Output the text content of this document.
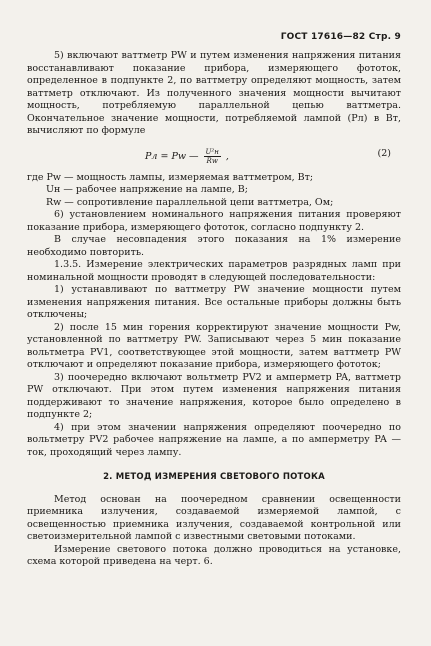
ГОСТ 17616—82 Стр. 9

5) включают ваттметр PW и путем изменения напряжения питания восстанавливают показание прибора, измеряющего фототок, определенное в подпункте 2, по ваттметру определяют мощность, затем ваттметр отключают. Из полученного значения мощности вычитают мощность, потребляемую параллельной цепью ваттметра. Окончательное значение мощности, потребляемой лампой (Pл) в Вт, вычисляют по формуле

Pл = Pw — $\frac{\text{U²н}}{Rw}$ ,	(2)

где Pw — мощность лампы, измеряемая ваттметром, Вт;

Uн — рабочее напряжение на лампе, В;

Rw — сопротивление параллельной цепи ваттметра, Ом;

6) установлением номинального напряжения питания проверяют показание прибора, измеряющего фототок, согласно подпункту 2.

В случае несовпадения этого показания на 1% измерение необходимо повторить.

1.3.5. Измерение электрических параметров разрядных ламп при номинальной мощности проводят в следующей последовательности:

1) устанавливают по ваттметру PW значение мощности путем изменения напряжения питания. Все остальные приборы должны быть отключены;

2) после 15 мин горения корректируют значение мощности Pw, установленной по ваттметру PW. Записывают через 5 мин показание вольтметра PV1, соответствующее этой мощности, затем ваттметр PW отключают и определяют показание прибора, измеряющего фототок;

3) поочередно включают вольтметр PV2 и амперметр PA, ваттметр PW отключают. При этом путем изменения напряжения питания поддерживают то значение напряжения, которое было определено в подпункте 2;

4) при этом значении напряжения определяют поочередно по вольтметру PV2 рабочее напряжение на лампе, а по амперметру PA — ток, проходящий через лампу.

2. МЕТОД ИЗМЕРЕНИЯ СВЕТОВОГО ПОТОКА

Метод основан на поочередном сравнении освещенности приемника излучения, создаваемой измеряемой лампой, с освещенностью приемника излучения, создаваемой контрольной или светоизмерительной лампой с известными световыми потоками.

Измерение светового потока должно проводиться на установке, схема которой приведена на черт. 6.
